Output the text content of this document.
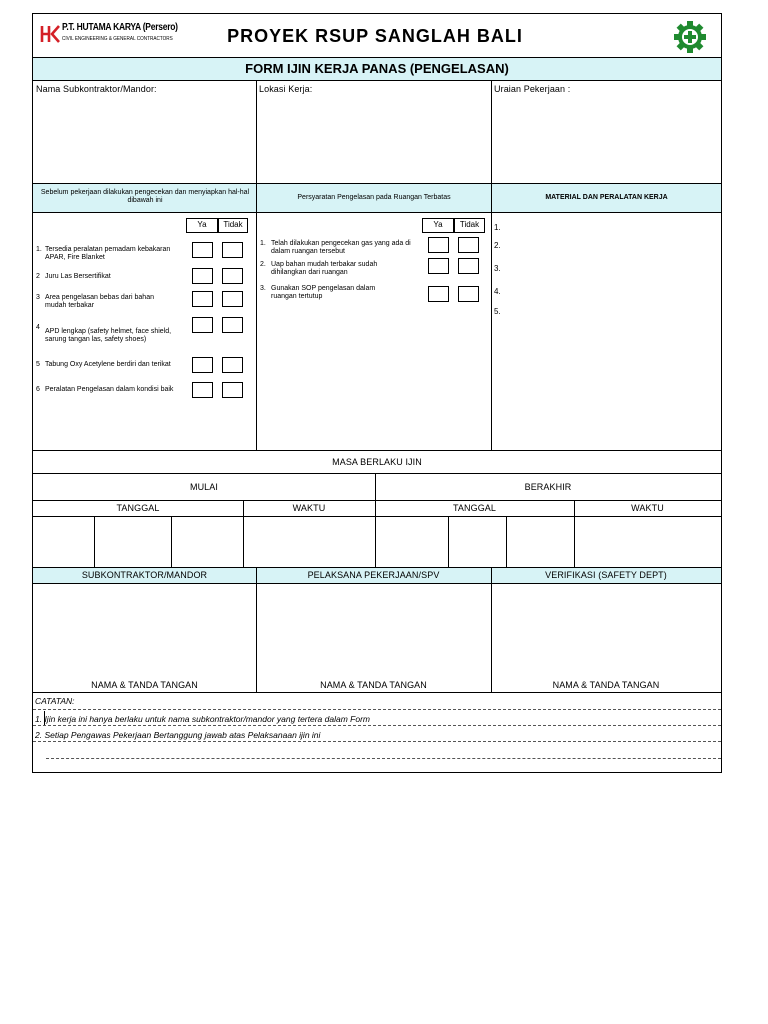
P.T. HUTAMA KARYA (Persero)
CIVIL ENGINEERING & GENERAL CONTRACTORS	PROYEK RSUP SANGLAH BALI
FORM IJIN KERJA PANAS (PENGELASAN)
Nama Subkontraktor/Mandor:	Lokasi Kerja:	Uraian Pekerjaan :
Sebelum pekerjaan dilakukan pengecekan dan menyiapkan hal-hal dibawah ini	Persyaratan Pengelasan pada Ruangan Terbatas	MATERIAL DAN PERALATAN KERJA
Ya	Tidak	Ya	Tidak
1. Tersedia peralatan pemadam kebakaran APAR, Fire Blanket
2 Juru Las Bersertifikat
3 Area pengelasan bebas dari bahan mudah terbakar
4
APD lengkap (safety helmet, face shield, sarung tangan las, safety shoes)
5 Tabung Oxy Acetylene berdiri dan terikat
6 Peralatan Pengelasan dalam kondisi baik
1. Telah dilakukan pengecekan gas yang ada di dalam ruangan tersebut
2. Uap bahan mudah terbakar sudah dihilangkan dari ruangan
3. Gunakan SOP pengelasan dalam ruangan tertutup
1.
2.
3.
4.
5.
MASA BERLAKU IJIN
MULAI	BERAKHIR
TANGGAL	WAKTU	TANGGAL	WAKTU
SUBKONTRAKTOR/MANDOR	PELAKSANA PEKERJAAN/SPV	VERIFIKASI (SAFETY DEPT)
NAMA & TANDA TANGAN	NAMA & TANDA TANGAN	NAMA & TANDA TANGAN
CATATAN:
1. Ijin kerja ini hanya berlaku untuk nama subkontraktor/mandor yang tertera dalam Form
2. Setiap Pengawas Pekerjaan Bertanggung jawab atas Pelaksanaan ijin ini
